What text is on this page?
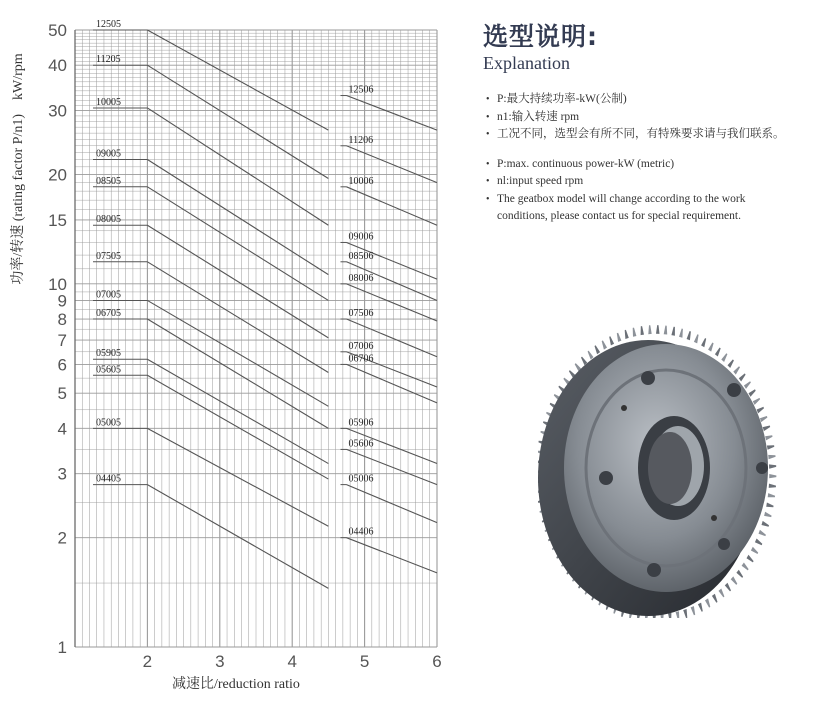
1
2
3
4
5
6
7
8
9
10
15
20
30
40
50
2	3	4	5	6
12505
11205
10005
09005
08505
08005
07505
07005
06705
05905
05605
05005
04405
12506
11206
10006
09006
08506
08006
07506
07006
06706
05906
05606
05006
04406
功率/转速 (rating factor P/n1)kW/rpm
减速比/reduction ratio
选型说明:
Explanation
• P:最大持续功率-kW(公制)
• n1:输入转速 rpm
• 工况不同，选型会有所不同，有特殊要求请与我们联系。
• P:max. continuous power-kW (metric)
• nl:input speed rpm
• The geatbox model will change according to the work
conditions, please contact us for special requirement.
